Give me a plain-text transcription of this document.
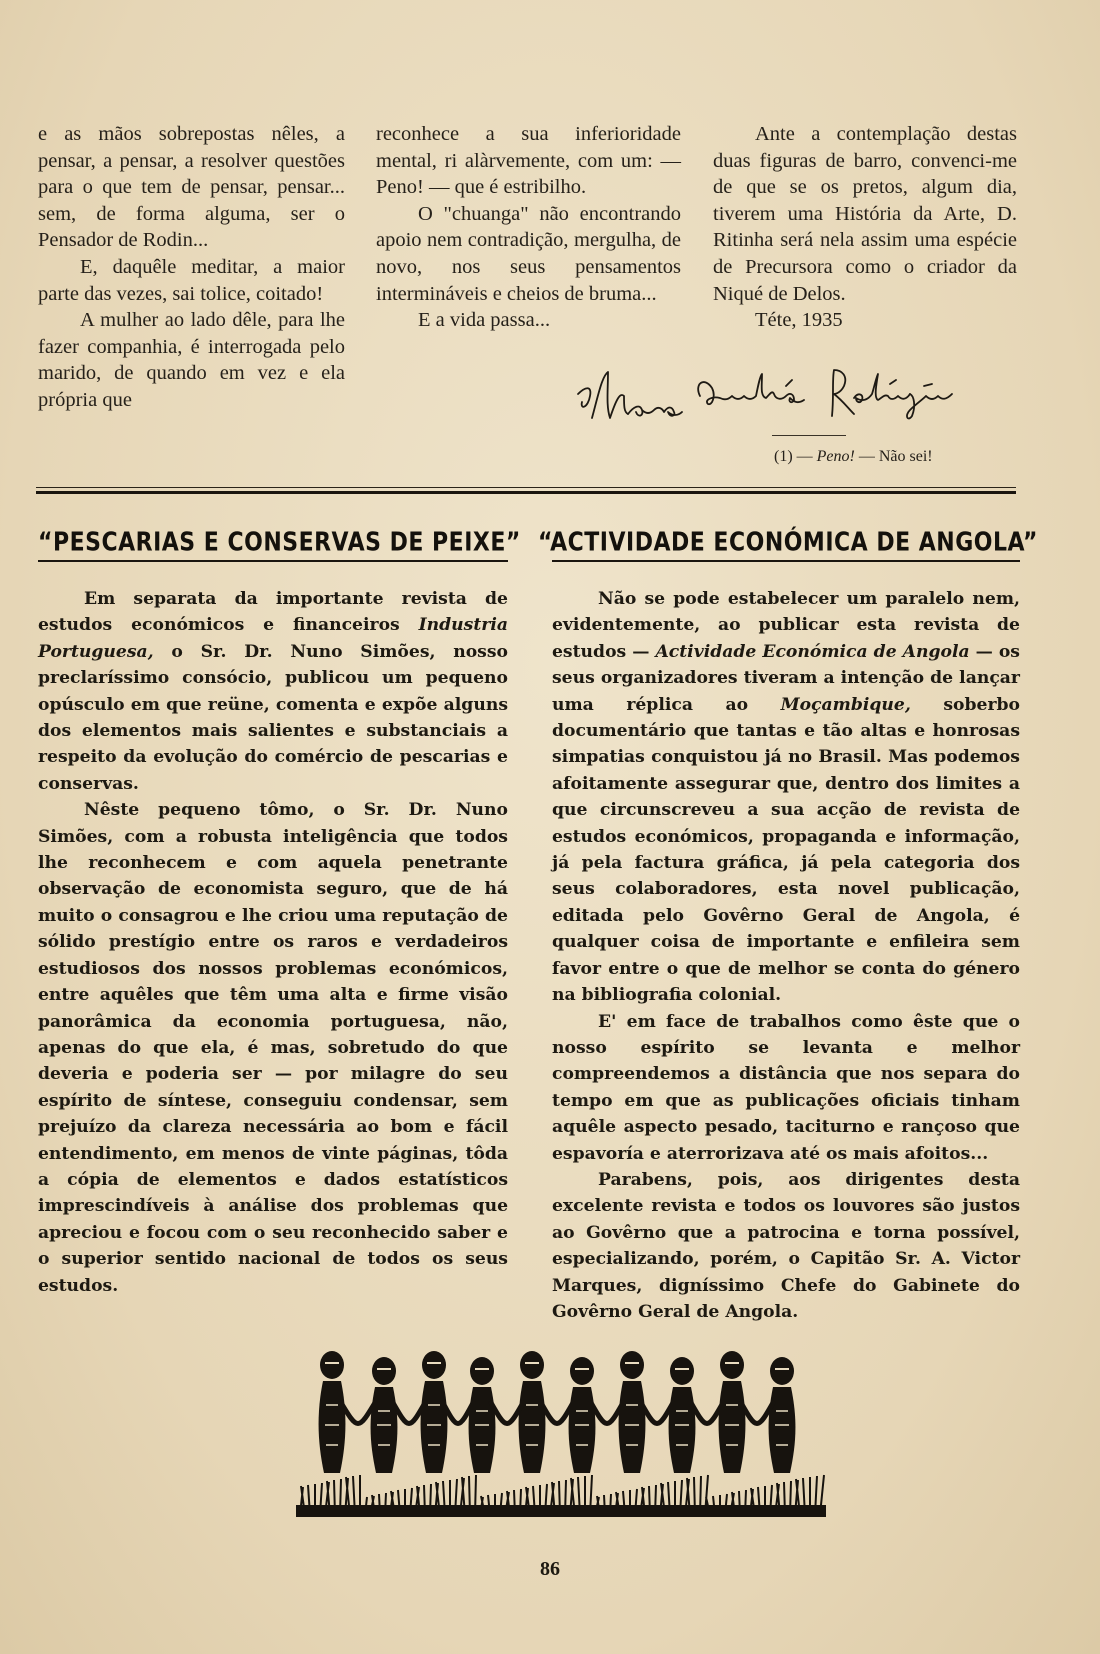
e as mãos sobrepostas nêles, a pensar, a pensar, a resolver questões para o que tem de pensar, pensar... sem, de forma alguma, ser o Pensador de Rodin...

E, daquêle meditar, a maior parte das vezes, sai tolice, coitado!

A mulher ao lado dêle, para lhe fazer companhia, é interrogada pelo marido, de quando em vez e ela própria que

reconhece a sua inferioridade mental, ri alàrvemente, com um: — Peno! — que é estribilho.

O "chuanga" não encontrando apoio nem contradição, mergulha, de novo, nos seus pensamentos intermináveis e cheios de bruma...

E a vida passa...

Ante a contemplação destas duas figuras de barro, convenci-me de que se os pretos, algum dia, tiverem uma História da Arte, D. Ritinha será nela assim uma espécie de Precursora como o criador da Niqué de Delos.

Téte, 1935

(1) — Peno! — Não sei!
“PESCARIAS E CONSERVAS DE PEIXE” “ACTIVIDADE ECONÓMICA DE ANGOLA”

Em separata da importante revista de estudos económicos e financeiros Industria Portuguesa, o Sr. Dr. Nuno Simões, nosso preclaríssimo consócio, publicou um pequeno opúsculo em que reüne, comenta e expõe alguns dos elementos mais salientes e substanciais a respeito da evolução do comércio de pescarias e conservas.

Nêste pequeno tômo, o Sr. Dr. Nuno Simões, com a robusta inteligência que todos lhe reconhecem e com aquela penetrante observação de economista seguro, que de há muito o consagrou e lhe criou uma reputação de sólido prestígio entre os raros e verdadeiros estudiosos dos nossos problemas económicos, entre aquêles que têm uma alta e firme visão panorâmica da economia portuguesa, não, apenas do que ela, é mas, sobretudo do que deveria e poderia ser — por milagre do seu espírito de síntese, conseguiu condensar, sem prejuízo da clareza necessária ao bom e fácil entendimento, em menos de vinte páginas, tôda a cópia de elementos e dados estatísticos imprescindíveis à análise dos problemas que apreciou e focou com o seu reconhecido saber e o superior sentido nacional de todos os seus estudos.

Não se pode estabelecer um paralelo nem, evidentemente, ao publicar esta revista de estudos — Actividade Económica de Angola — os seus organizadores tiveram a intenção de lançar uma réplica ao Moçambique, soberbo documentário que tantas e tão altas e honrosas simpatias conquistou já no Brasil. Mas podemos afoitamente assegurar que, dentro dos limites a que circunscreveu a sua acção de revista de estudos económicos, propaganda e informação, já pela factura gráfica, já pela categoria dos seus colaboradores, esta novel publicação, editada pelo Govêrno Geral de Angola, é qualquer coisa de importante e enfileira sem favor entre o que de melhor se conta do género na bibliografia colonial.

E' em face de trabalhos como êste que o nosso espírito se levanta e melhor compreendemos a distância que nos separa do tempo em que as publicações oficiais tinham aquêle aspecto pesado, taciturno e rançoso que espavoría e aterrorizava até os mais afoitos...

Parabens, pois, aos dirigentes desta excelente revista e todos os louvores são justos ao Govêrno que a patrocina e torna possível, especializando, porém, o Capitão Sr. A. Victor Marques, digníssimo Chefe do Gabinete do Govêrno Geral de Angola.

86
